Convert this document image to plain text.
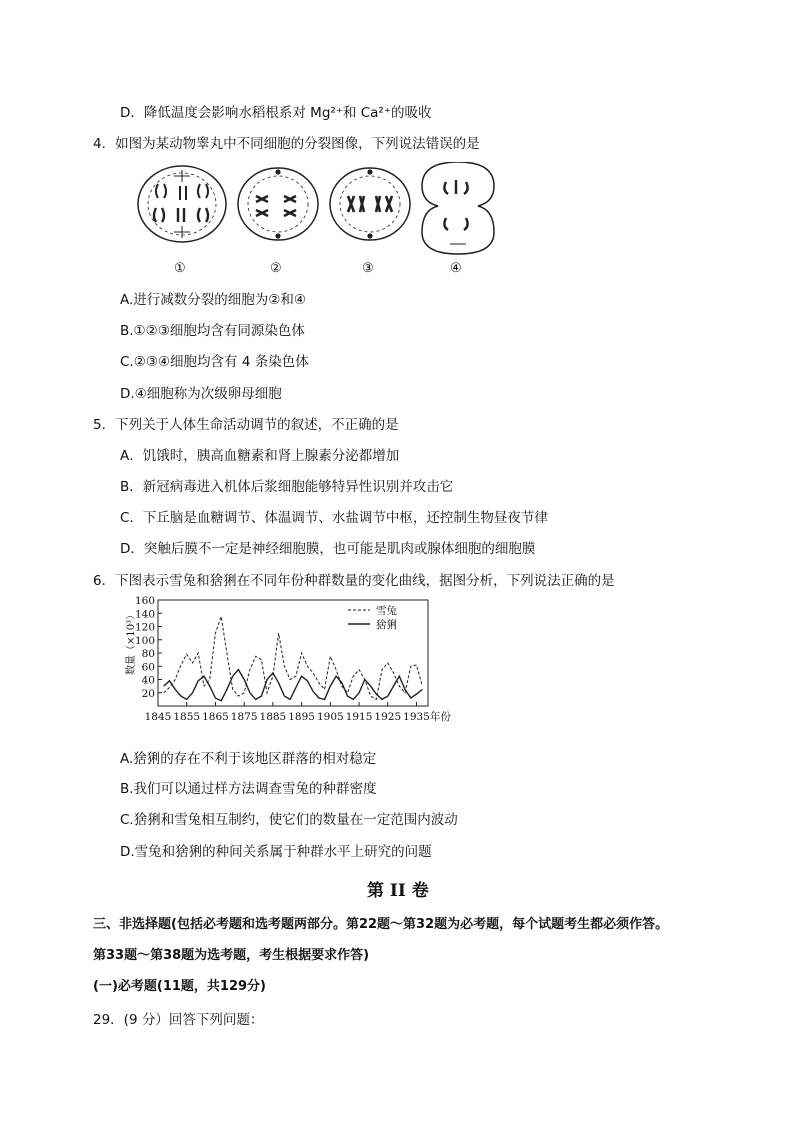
D．降低温度会影响水稻根系对 Mg²⁺和 Ca²⁺的吸收
4．如图为某动物睾丸中不同细胞的分裂图像，下列说法错误的是
①	②	③	④
A.进行减数分裂的细胞为②和④
B.①②③细胞均含有同源染色体
C.②③④细胞均含有 4 条染色体
D.④细胞称为次级卵母细胞
5．下列关于人体生命活动调节的叙述，不正确的是
A．饥饿时，胰高血糖素和肾上腺素分泌都增加
B．新冠病毒进入机体后浆细胞能够特异性识别并攻击它
C．下丘脑是血糖调节、体温调节、水盐调节中枢，还控制生物昼夜节律
D．突触后膜不一定是神经细胞膜，也可能是肌肉或腺体细胞的细胞膜
6．下图表示雪兔和猞猁在不同年份种群数量的变化曲线，据图分析，下列说法正确的是
20
40
60
80
100
120
140
160
1845 1855 1865 1875 1885 1895 1905 1915 1925 1935 年份
数量（×10³）	雪兔
猞猁
A.猞猁的存在不利于该地区群落的相对稳定
B.我们可以通过样方法调查雪兔的种群密度
C.猞猁和雪兔相互制约，使它们的数量在一定范围内波动
D.雪兔和猞猁的种间关系属于种群水平上研究的问题
第 II 卷
三、非选择题(包括必考题和选考题两部分。第22题～第32题为必考题，每个试题考生都必须作答。
第33题～第38题为选考题，考生根据要求作答)
(一)必考题(11题，共129分)
29．(9 分）回答下列问题：
